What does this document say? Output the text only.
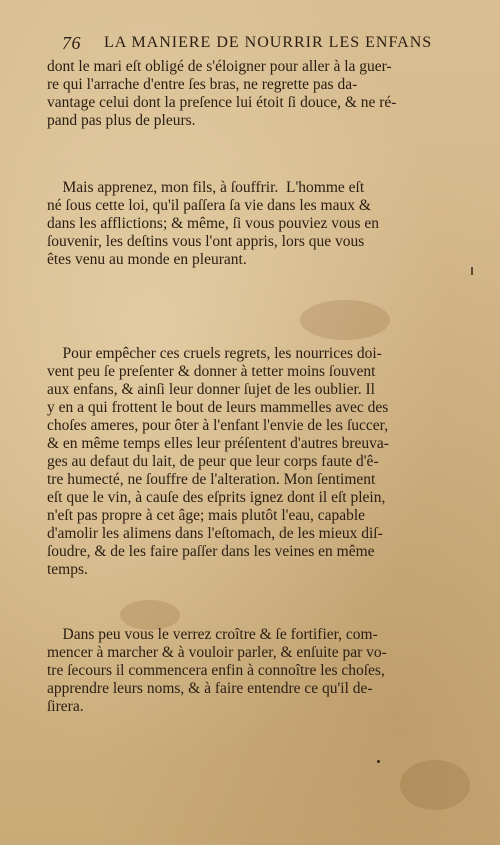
76 LA MANIERE DE NOURRIR LES ENFANS
dont le mari eſt obligé de s'éloigner pour aller à la guer-
re qui l'arrache d'entre ſes bras, ne regrette pas da-
vantage celui dont la preſence lui étoit ſi douce, & ne ré-
pand pas plus de pleurs.
Mais apprenez, mon fils, à ſouffrir.  L'homme eſt
né ſous cette loi, qu'il paſſera ſa vie dans les maux &
dans les afflictions; & même, ſi vous pouviez vous en
ſouvenir, les deſtins vous l'ont appris, lors que vous
êtes venu au monde en pleurant.
Pour empêcher ces cruels regrets, les nourrices doi-
vent peu ſe preſenter & donner à tetter moins ſouvent
aux enfans, & ainſi leur donner ſujet de les oublier. Il
y en a qui frottent le bout de leurs mammelles avec des
choſes ameres, pour ôter à l'enfant l'envie de les ſuccer,
& en même temps elles leur préſentent d'autres breuva-
ges au defaut du lait, de peur que leur corps faute d'ê-
tre humecté, ne ſouffre de l'alteration. Mon ſentiment
eſt que le vin, à cauſe des eſprits ignez dont il eſt plein,
n'eſt pas propre à cet âge; mais plutôt l'eau, capable
d'amolir les alimens dans l'eſtomach, de les mieux diſ-
ſoudre, & de les faire paſſer dans les veines en même
temps.
Dans peu vous le verrez croître & ſe fortifier, com-
mencer à marcher & à vouloir parler, & enſuite par vo-
tre ſecours il commencera enfin à connoître les choſes,
apprendre leurs noms, & à faire entendre ce qu'il de-
ſirera.
